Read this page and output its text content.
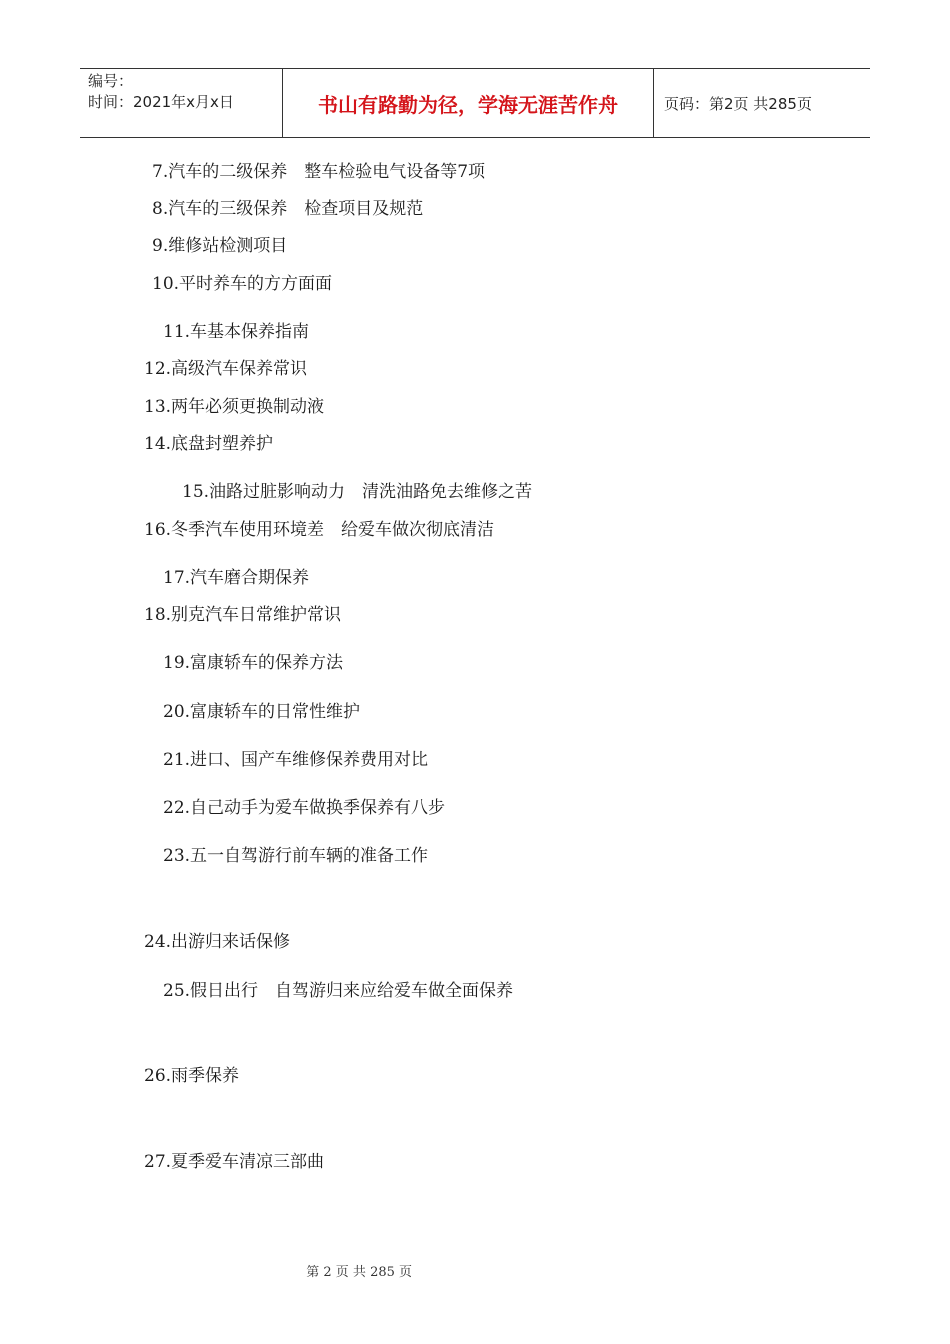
编号：
时间：2021年x月x日	书山有路勤为径，学海无涯苦作舟	页码：第2页 共285页
7.汽车的二级保养　整车检验电气设备等7项
8.汽车的三级保养　检查项目及规范
9.维修站检测项目
10.平时养车的方方面面
11.车基本保养指南
12.高级汽车保养常识
13.两年必须更换制动液
14.底盘封塑养护
15.油路过脏影响动力　清洗油路免去维修之苦
16.冬季汽车使用环境差　给爱车做次彻底清洁
17.汽车磨合期保养
18.别克汽车日常维护常识
19.富康轿车的保养方法
20.富康轿车的日常性维护
21.进口、国产车维修保养费用对比
22.自己动手为爱车做换季保养有八步
23.五一自驾游行前车辆的准备工作
24.出游归来话保修
25.假日出行　自驾游归来应给爱车做全面保养
26.雨季保养
27.夏季爱车清凉三部曲

第 2 页 共 285 页
